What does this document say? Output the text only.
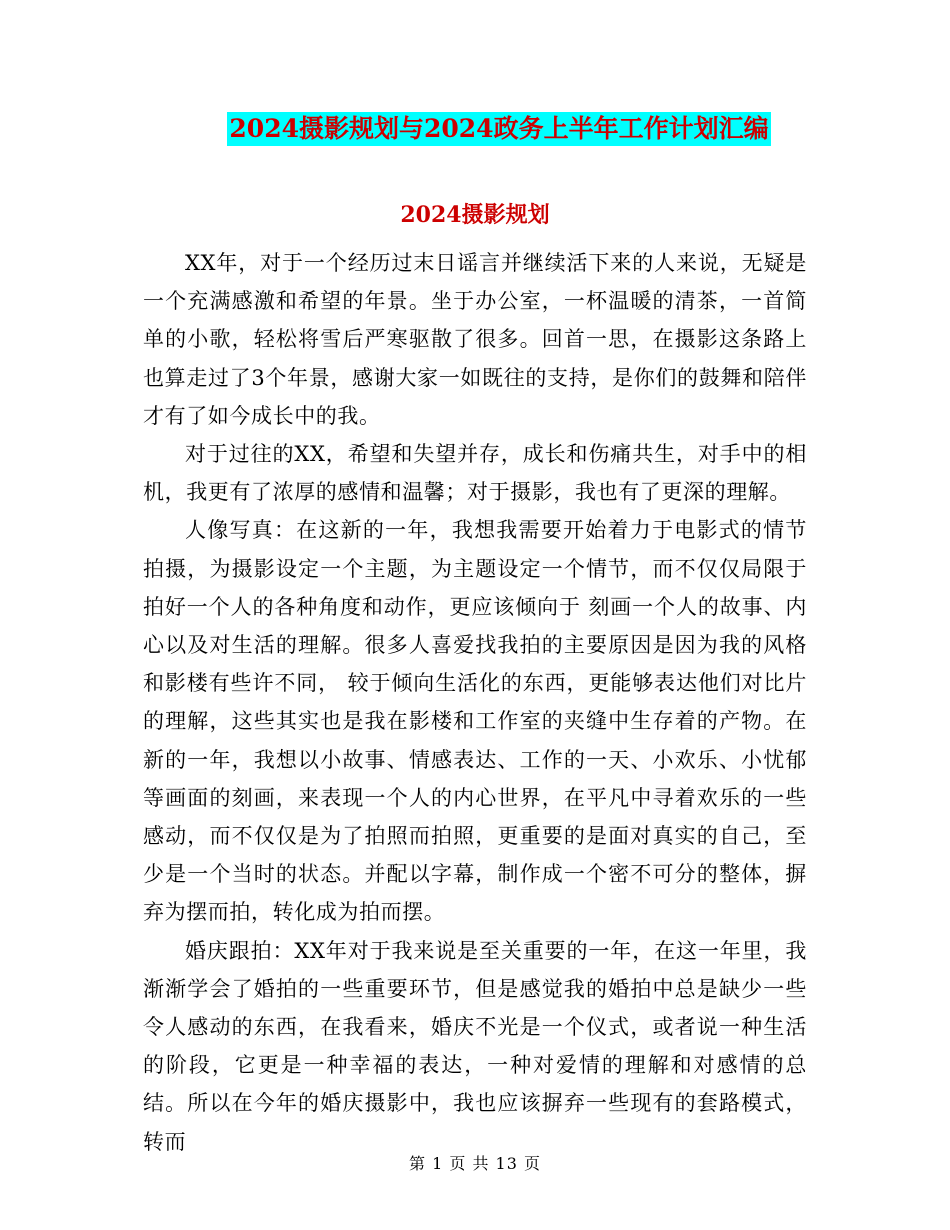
2024摄影规划与2024政务上半年工作计划汇编
2024摄影规划

XX年，对于一个经历过末日谣言并继续活下来的人来说，无疑是一个充满感激和希望的年景。坐于办公室，一杯温暖的清茶，一首简单的小歌，轻松将雪后严寒驱散了很多。回首一思，在摄影这条路上也算走过了3个年景，感谢大家一如既往的支持，是你们的鼓舞和陪伴才有了如今成长中的我。

对于过往的XX，希望和失望并存，成长和伤痛共生，对手中的相机，我更有了浓厚的感情和温馨；对于摄影，我也有了更深的理解。

人像写真：在这新的一年，我想我需要开始着力于电影式的情节拍摄，为摄影设定一个主题，为主题设定一个情节，而不仅仅局限于拍好一个人的各种角度和动作，更应该倾向于 刻画一个人的故事、内心以及对生活的理解。很多人喜爱找我拍的主要原因是因为我的风格和影楼有些许不同， 较于倾向生活化的东西，更能够表达他们对比片的理解，这些其实也是我在影楼和工作室的夹缝中生存着的产物。在新的一年，我想以小故事、情感表达、工作的一天、小欢乐、小忧郁等画面的刻画，来表现一个人的内心世界，在平凡中寻着欢乐的一些感动，而不仅仅是为了拍照而拍照，更重要的是面对真实的自己，至少是一个当时的状态。并配以字幕，制作成一个密不可分的整体，摒弃为摆而拍，转化成为拍而摆。

婚庆跟拍：XX年对于我来说是至关重要的一年，在这一年里，我渐渐学会了婚拍的一些重要环节，但是感觉我的婚拍中总是缺少一些令人感动的东西，在我看来，婚庆不光是一个仪式，或者说一种生活的阶段，它更是一种幸福的表达，一种对爱情的理解和对感情的总结。所以在今年的婚庆摄影中，我也应该摒弃一些现有的套路模式，转而

第 1 页 共 13 页
